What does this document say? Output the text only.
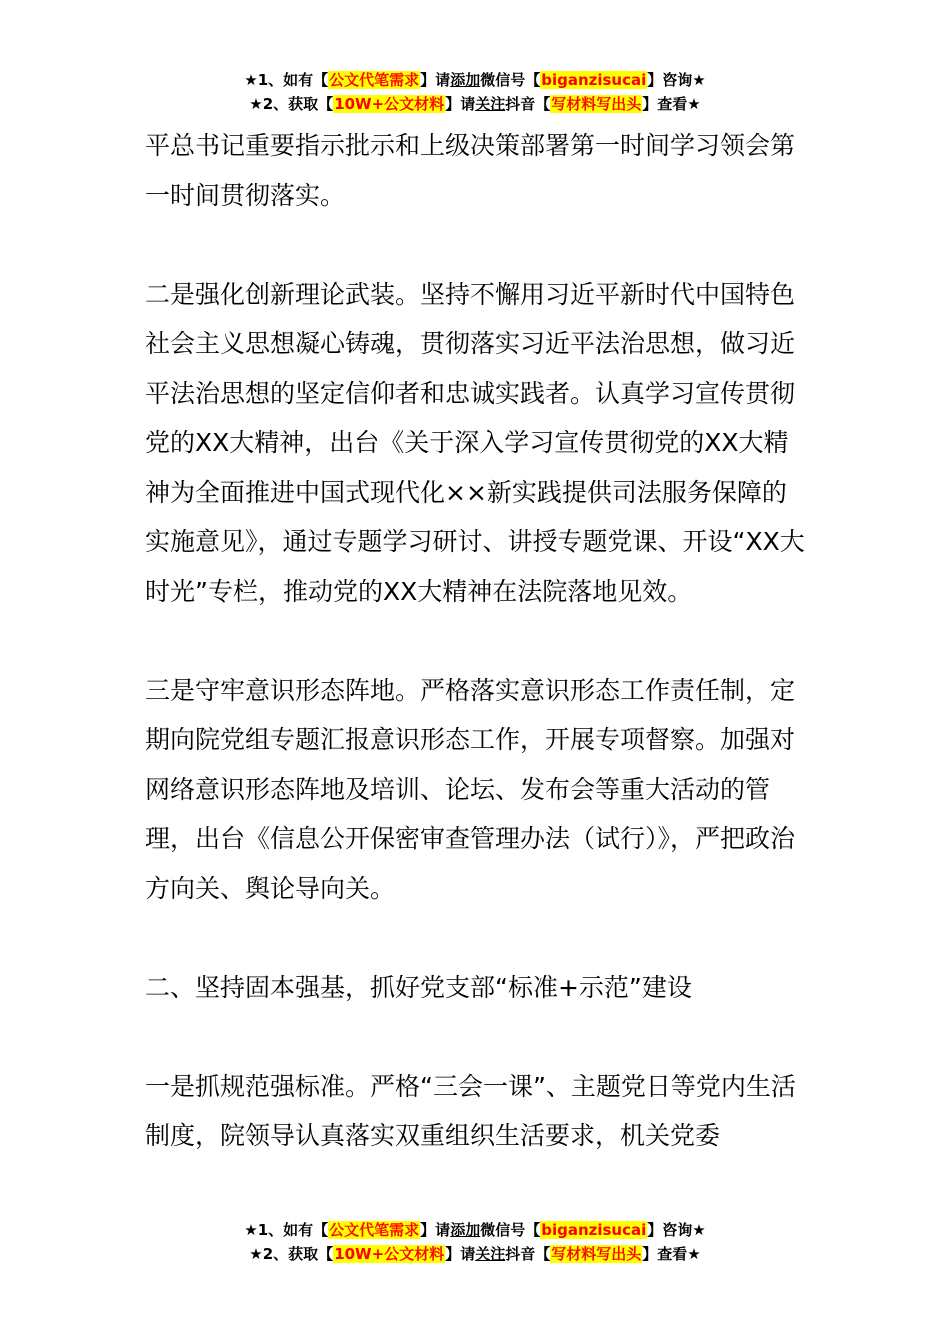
★1、如有【公文代笔需求】请添加微信号【biganzisucai】咨询★
★2、获取【10W+公文材料】请关注抖音【写材料写出头】查看★

平总书记重要指示批示和上级决策部署第一时间学习领会第一时间贯彻落实。

二是强化创新理论武装。坚持不懈用习近平新时代中国特色社会主义思想凝心铸魂，贯彻落实习近平法治思想，做习近平法治思想的坚定信仰者和忠诚实践者。认真学习宣传贯彻党的XX大精神，出台《关于深入学习宣传贯彻党的XX大精神为全面推进中国式现代化××新实践提供司法服务保障的实施意见》，通过专题学习研讨、讲授专题党课、开设“XX大时光”专栏，推动党的XX大精神在法院落地见效。

三是守牢意识形态阵地。严格落实意识形态工作责任制，定期向院党组专题汇报意识形态工作，开展专项督察。加强对网络意识形态阵地及培训、论坛、发布会等重大活动的管理，出台《信息公开保密审查管理办法（试行）》，严把政治方向关、舆论导向关。

二、坚持固本强基，抓好党支部“标准+示范”建设

一是抓规范强标准。严格“三会一课”、主题党日等党内生活制度，院领导认真落实双重组织生活要求，机关党委

★1、如有【公文代笔需求】请添加微信号【biganzisucai】咨询★
★2、获取【10W+公文材料】请关注抖音【写材料写出头】查看★
